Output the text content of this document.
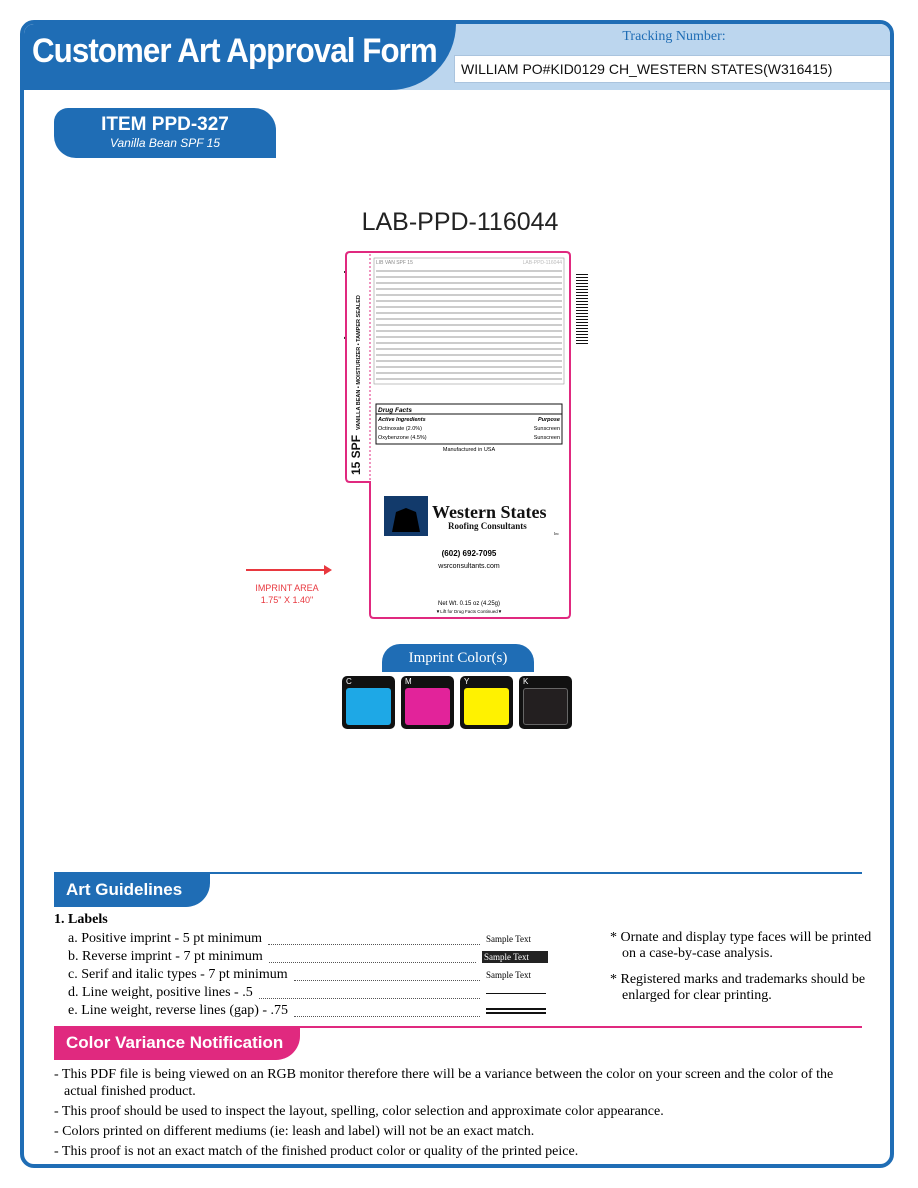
Customer Art Approval Form	Tracking Number:
WILLIAM PO#KID0129 CH_WESTERN STATES(W316415)
ITEM PPD-327
Vanilla Bean SPF 15
LAB-PPD-116044
15 SPF
VANILLA BEAN • MOISTURIZER • TAMPER SEALED
LIB VAN SPF 15	LAB-PPD-116044
Drug Facts
Active Ingredients	Purpose
Octinoxate (2.0%)	Sunscreen
Oxybenzone (4.5%)	Sunscreen
Manufactured in USA
Western States
Roofing Consultants
Inc
(602) 692-7095
wsrconsultants.com
Net Wt. 0.15 oz (4.25g)
▼Lift for Drug Facts Continued▼
IMPRINT AREA
1.75" X 1.40"
Imprint Color(s)
C	M	Y	K
Art Guidelines
1. Labels
a. Positive imprint - 5 pt minimum	Sample Text
b. Reverse imprint - 7 pt minimum	Sample Text
c. Serif and italic types - 7 pt minimum	Sample Text
d. Line weight, positive lines - .5
e. Line weight, reverse lines (gap) - .75

* Ornate and display type faces will be printed on a case-by-case analysis.

* Registered marks and trademarks should be enlarged for clear printing.

Color Variance Notification
- This PDF file is being viewed on an RGB monitor therefore there will be a variance between the color on your screen and the color of the actual finished product.
- This proof should be used to inspect the layout, spelling, color selection and approximate color appearance.
- Colors printed on different mediums (ie: leash and label) will not be an exact match.
- This proof is not an exact match of the finished product color or quality of the printed peice.
